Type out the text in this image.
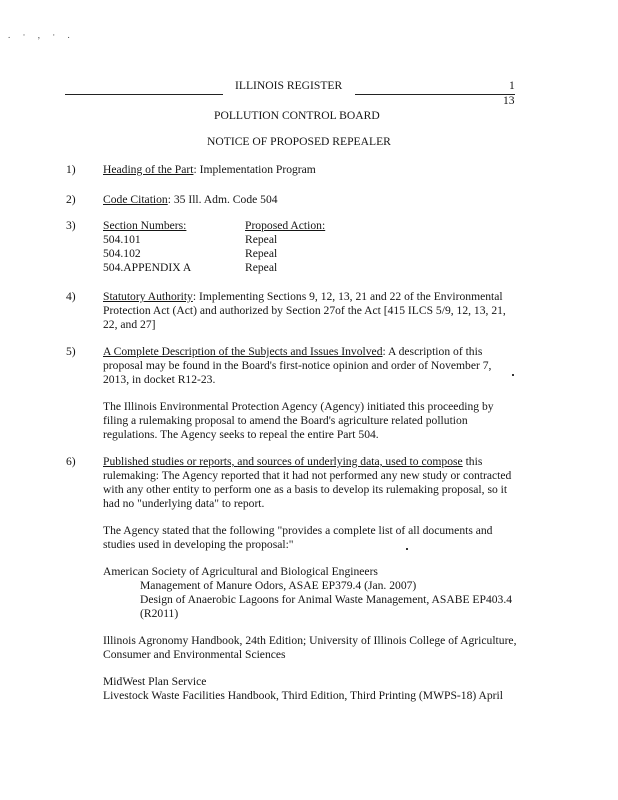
. · , · .
ILLINOIS REGISTER	1
13
POLLUTION CONTROL BOARD
NOTICE OF PROPOSED REPEALER
1) Heading of the Part: Implementation Program
2) Code Citation: 35 Ill. Adm. Code 504
3) Section Numbers:	Proposed Action:
504.101	Repeal
504.102	Repeal
504.APPENDIX A	Repeal
4) Statutory Authority: Implementing Sections 9, 12, 13, 21 and 22 of the Environmental
Protection Act (Act) and authorized by Section 27of the Act [415 ILCS 5/9, 12, 13, 21,
22, and 27]
5) A Complete Description of the Subjects and Issues Involved: A description of this
proposal may be found in the Board's first-notice opinion and order of November 7,
2013, in docket R12-23.
The Illinois Environmental Protection Agency (Agency) initiated this proceeding by
filing a rulemaking proposal to amend the Board's agriculture related pollution
regulations. The Agency seeks to repeal the entire Part 504.
6) Published studies or reports, and sources of underlying data, used to compose this
rulemaking: The Agency reported that it had not performed any new study or contracted
with any other entity to perform one as a basis to develop its rulemaking proposal, so it
had no "underlying data" to report.
The Agency stated that the following "provides a complete list of all documents and
studies used in developing the proposal:"
American Society of Agricultural and Biological Engineers
Management of Manure Odors, ASAE EP379.4 (Jan. 2007)
Design of Anaerobic Lagoons for Animal Waste Management, ASABE EP403.4
(R2011)
Illinois Agronomy Handbook, 24th Edition; University of Illinois College of Agriculture,
Consumer and Environmental Sciences
MidWest Plan Service
Livestock Waste Facilities Handbook, Third Edition, Third Printing (MWPS-18) April
